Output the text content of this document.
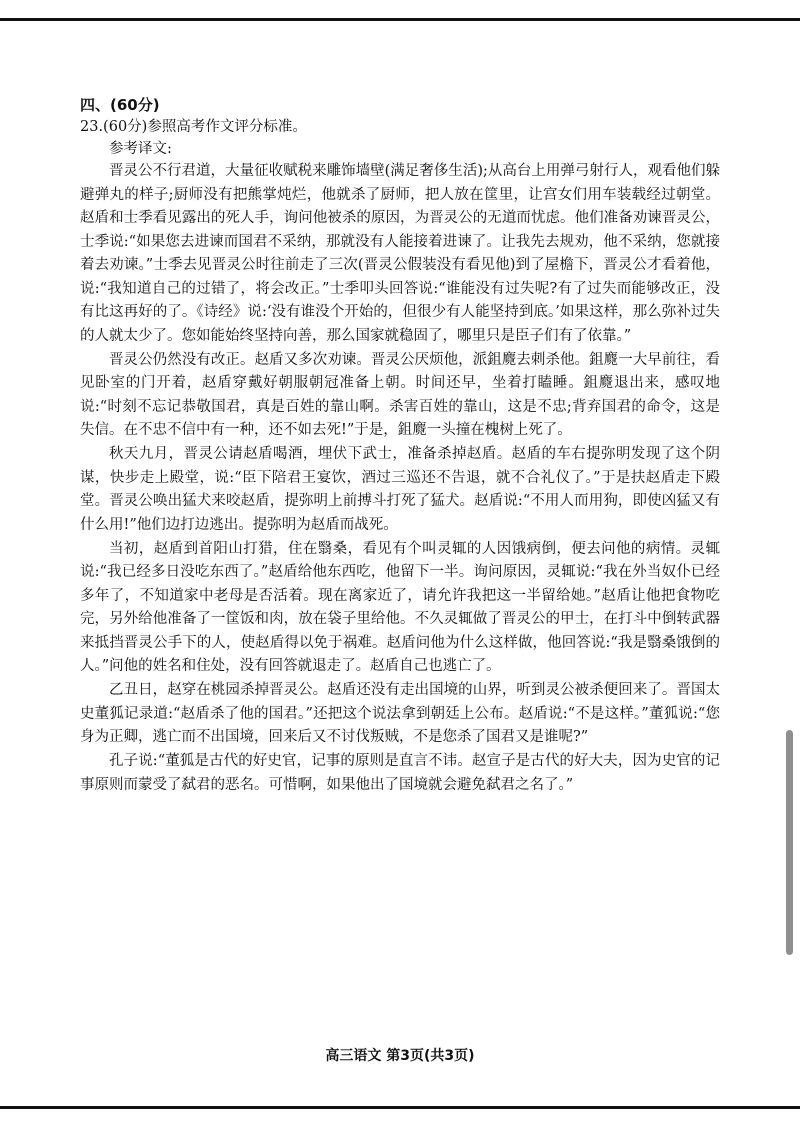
四、(60分)

23.(60分)参照高考作文评分标准。

参考译文:

晋灵公不行君道，大量征收赋税来雕饰墙壁(满足奢侈生活);从高台上用弹弓射行人，观看他们躲避弹丸的样子;厨师没有把熊掌炖烂，他就杀了厨师，把人放在筐里，让宫女们用车装载经过朝堂。赵盾和士季看见露出的死人手，询问他被杀的原因，为晋灵公的无道而忧虑。他们准备劝谏晋灵公，士季说:“如果您去进谏而国君不采纳，那就没有人能接着进谏了。让我先去规劝，他不采纳，您就接着去劝谏。”士季去见晋灵公时往前走了三次(晋灵公假装没有看见他)到了屋檐下，晋灵公才看着他，说:“我知道自己的过错了，将会改正。”士季叩头回答说:“谁能没有过失呢?有了过失而能够改正，没有比这再好的了。《诗经》说:‘没有谁没个开始的，但很少有人能坚持到底。’如果这样，那么弥补过失的人就太少了。您如能始终坚持向善，那么国家就稳固了，哪里只是臣子们有了依靠。”

晋灵公仍然没有改正。赵盾又多次劝谏。晋灵公厌烦他，派鉏麑去刺杀他。鉏麑一大早前往，看见卧室的门开着，赵盾穿戴好朝服朝冠准备上朝。时间还早，坐着打瞌睡。鉏麑退出来，感叹地说:“时刻不忘记恭敬国君，真是百姓的靠山啊。杀害百姓的靠山，这是不忠;背弃国君的命令，这是失信。在不忠不信中有一种，还不如去死!”于是，鉏麑一头撞在槐树上死了。

秋天九月，晋灵公请赵盾喝酒，埋伏下武士，准备杀掉赵盾。赵盾的车右提弥明发现了这个阴谋，快步走上殿堂，说:“臣下陪君王宴饮，酒过三巡还不告退，就不合礼仪了。”于是扶赵盾走下殿堂。晋灵公唤出猛犬来咬赵盾，提弥明上前搏斗打死了猛犬。赵盾说:“不用人而用狗，即使凶猛又有什么用!”他们边打边逃出。提弥明为赵盾而战死。

当初，赵盾到首阳山打猎，住在翳桑，看见有个叫灵辄的人因饿病倒，便去问他的病情。灵辄说:“我已经多日没吃东西了。”赵盾给他东西吃，他留下一半。询问原因，灵辄说:“我在外当奴仆已经多年了，不知道家中老母是否活着。现在离家近了，请允许我把这一半留给她。”赵盾让他把食物吃完，另外给他准备了一筐饭和肉，放在袋子里给他。不久灵辄做了晋灵公的甲士，在打斗中倒转武器来抵挡晋灵公手下的人，使赵盾得以免于祸难。赵盾问他为什么这样做，他回答说:“我是翳桑饿倒的人。”问他的姓名和住处，没有回答就退走了。赵盾自己也逃亡了。

乙丑日，赵穿在桃园杀掉晋灵公。赵盾还没有走出国境的山界，听到灵公被杀便回来了。晋国太史董狐记录道:“赵盾杀了他的国君。”还把这个说法拿到朝廷上公布。赵盾说:“不是这样。”董狐说:“您身为正卿，逃亡而不出国境，回来后又不讨伐叛贼，不是您杀了国君又是谁呢?”

孔子说:“董狐是古代的好史官，记事的原则是直言不讳。赵宣子是古代的好大夫，因为史官的记事原则而蒙受了弑君的恶名。可惜啊，如果他出了国境就会避免弑君之名了。”

高三语文 第3页(共3页)
